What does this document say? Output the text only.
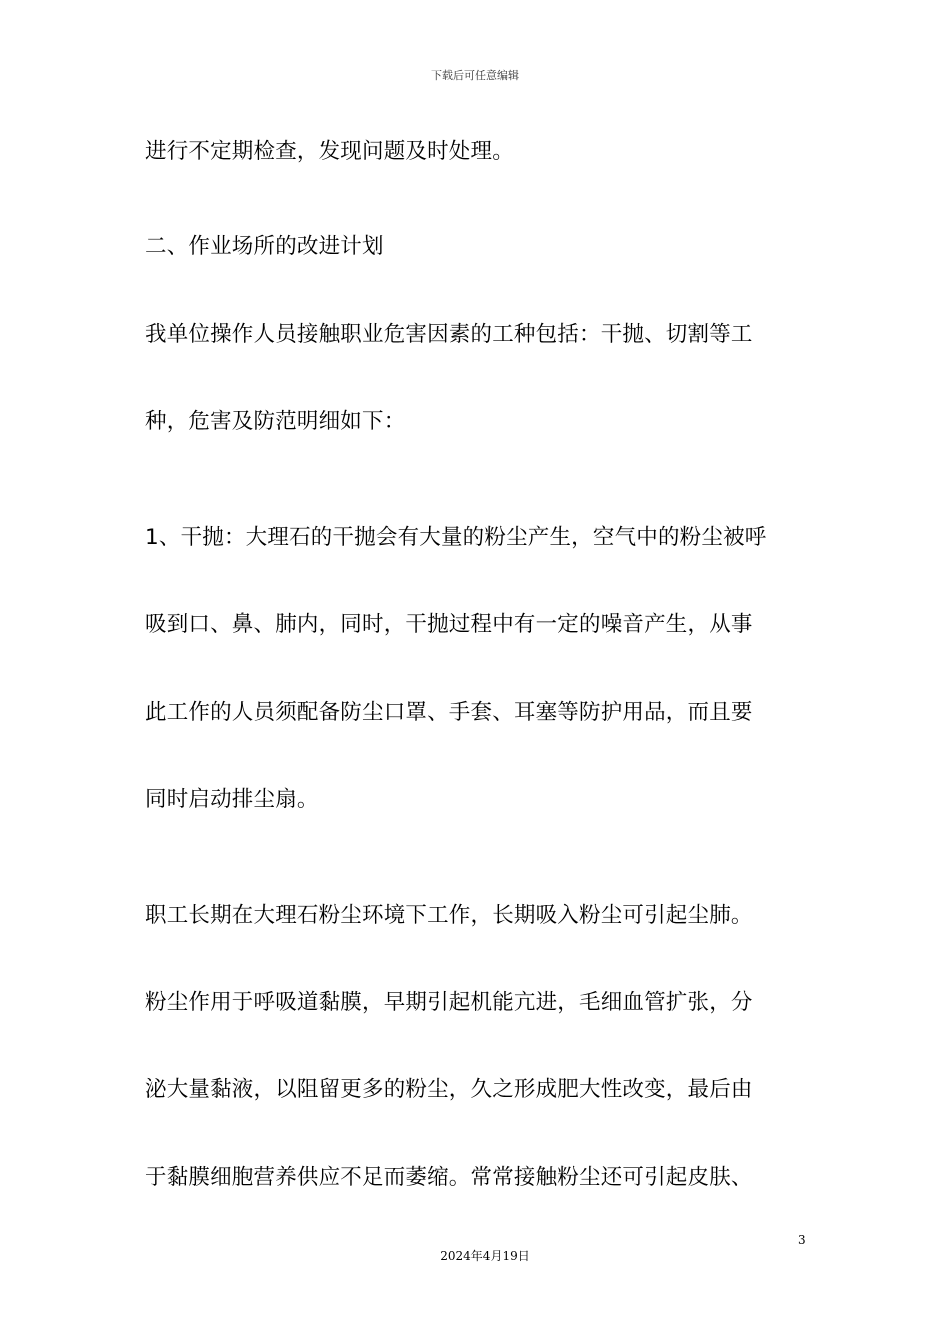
下载后可任意编辑
进行不定期检查，发现问题及时处理。
二、作业场所的改进计划
我单位操作人员接触职业危害因素的工种包括：干抛、切割等工
种，危害及防范明细如下：
1、干抛：大理石的干抛会有大量的粉尘产生，空气中的粉尘被呼
吸到口、鼻、肺内，同时，干抛过程中有一定的噪音产生，从事
此工作的人员须配备防尘口罩、手套、耳塞等防护用品，而且要
同时启动排尘扇。
职工长期在大理石粉尘环境下工作，长期吸入粉尘可引起尘肺。
粉尘作用于呼吸道黏膜，早期引起机能亢进，毛细血管扩张，分
泌大量黏液，以阻留更多的粉尘，久之形成肥大性改变，最后由
于黏膜细胞营养供应不足而萎缩。常常接触粉尘还可引起皮肤、
3
2024年4月19日
